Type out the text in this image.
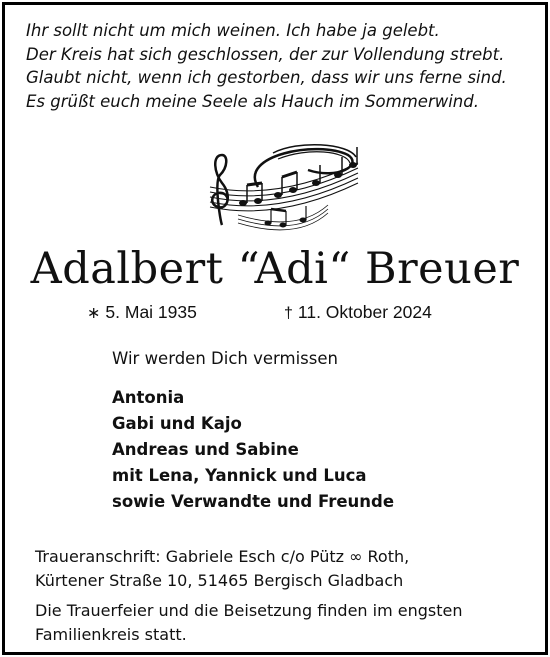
Ihr sollt nicht um mich weinen. Ich habe ja gelebt.
Der Kreis hat sich geschlossen, der zur Vollendung strebt.
Glaubt nicht, wenn ich gestorben, dass wir uns ferne sind.
Es grüßt euch meine Seele als Hauch im Sommerwind.
Adalbert “Adi“ Breuer
∗ 5. Mai 1935	† 11. Oktober 2024
Wir werden Dich vermissen
Antonia
Gabi und Kajo
Andreas und Sabine
mit Lena, Yannick und Luca
sowie Verwandte und Freunde
Traueranschrift: Gabriele Esch c/o Pütz ∞ Roth,
Kürtener Straße 10, 51465 Bergisch Gladbach
Die Trauerfeier und die Beisetzung finden im engsten
Familienkreis statt.
